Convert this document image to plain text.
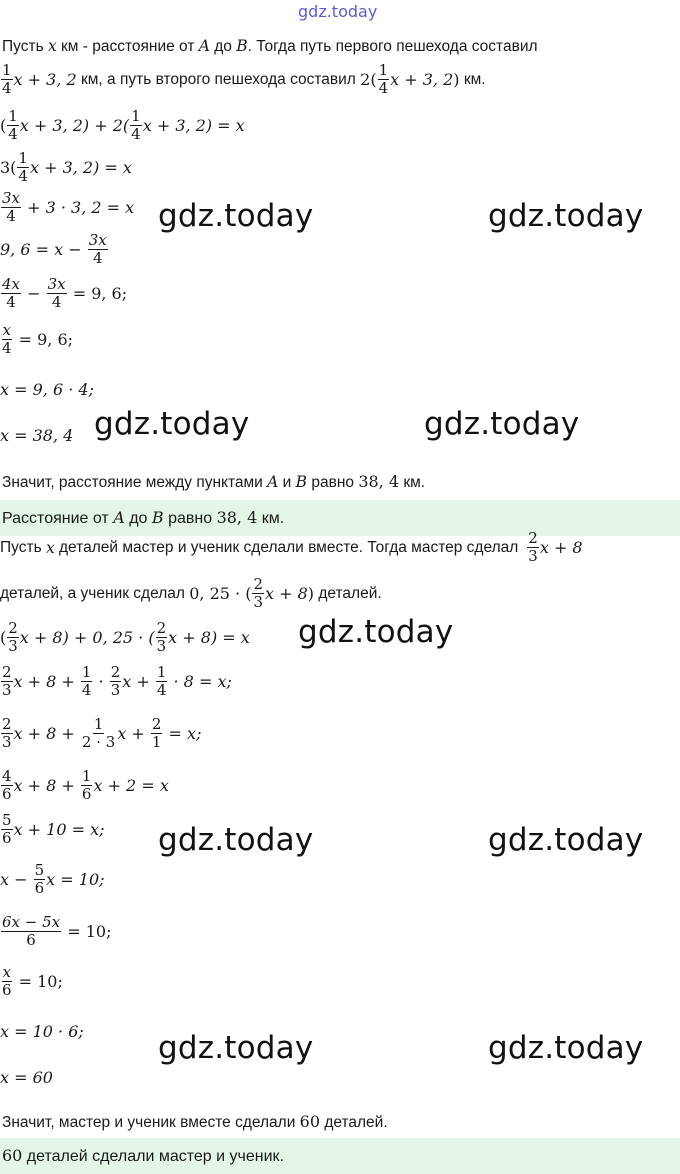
gdz.today
Пусть x км - расстояние от A до B. Тогда путь первого пешехода составил
$\frac{1}{4}$ x + 3, 2 км, а путь второго пешехода составил $2( \frac{1}{4}$ x + 3, 2 ) км.
( $\frac{1}{4}$ x + 3, $2) + 2( \frac{1}{4}$ x + 3, 2) = x
$3( \frac{1}{4}$ x + 3, 2) = x
$\frac{3x}{4} + 3 \cdot 3$, 2 = x
9, $6 = x - \frac{3x}{4}$
$\frac{4x}{4} - \frac{3x}{4} = 9$, 6;
$\frac{x}{4} = 9$, 6;
x = 9, 6 · 4;
x = 38, 4
Значит, расстояние между пунктами A и B равно 38, 4 км.
Расстояние от A до B равно 38, 4 км.
Пусть x деталей мастер и ученик сделали вместе. Тогда мастер сделал $\frac{2}{3}$ x + 8
деталей, а ученик сделал 0, 25 · ( $\frac{2}{3}$ x + 8 ) деталей.
( $\frac{2}{3}$ x + 8) + 0, 25 · ( $\frac{2}{3}$ x + 8) = x
$\frac{2}{3}$ $x + 8 + \frac{1}{4} \cdot \frac{2}{3}$ $x + \frac{1}{4} \cdot 8 = x$;
$\frac{2}{3}$ $x + 8 + \frac{1}{2 \cdot 3}$ $x + \frac{2}{1} = x$;
$\frac{4}{6}$ $x + 8 + \frac{1}{6}$ x + 2 = x
$\frac{5}{6}$ x + 10 = x;
$x - \frac{5}{6}$ x = 10;
$\frac{6x - 5x}{6} = 10$;
$\frac{x}{6} = 10$;
x = 10 · 6;
x = 60
Значит, мастер и ученик вместе сделали 60 деталей.
60 деталей сделали мастер и ученик.
gdz.today	gdz.today
gdz.today	gdz.today
gdz.today
gdz.today	gdz.today
gdz.today	gdz.today
